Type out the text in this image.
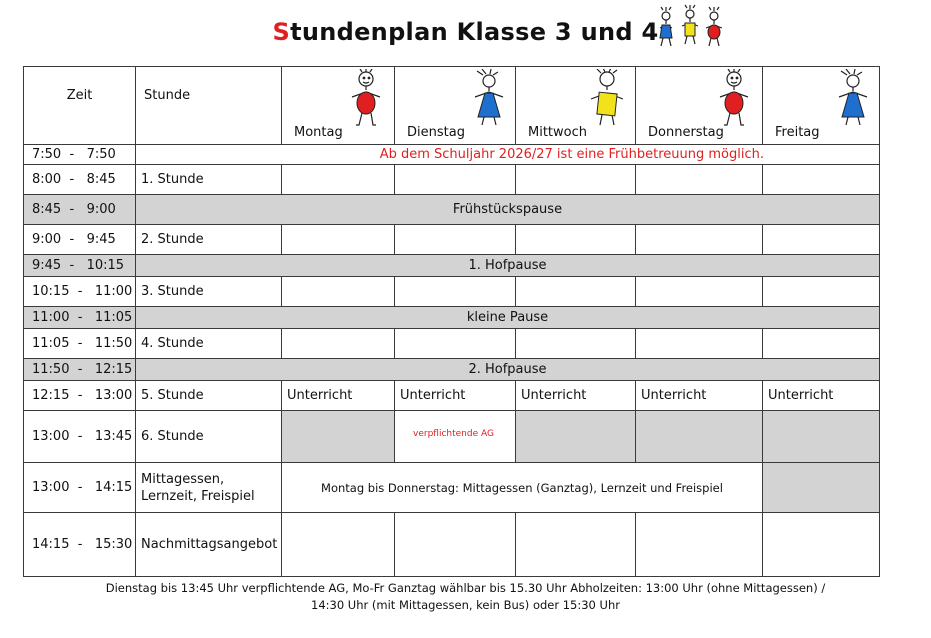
Stundenplan Klasse 3 und 4
Zeit	Stunde	Montag	Dienstag	Mittwoch	Donnerstag	Freitag

7:50 - 7:50	Ab dem Schuljahr 2026/27 ist eine Frühbetreuung möglich.					
8:00 - 8:45	1. Stunde					
8:45 - 9:00	Frühstückspause					
9:00 - 9:45	2. Stunde					
9:45 - 10:15	1. Hofpause					
10:15 - 11:00	3. Stunde					
11:00 - 11:05	kleine Pause					
11:05 - 11:50	4. Stunde					
11:50 - 12:15	2. Hofpause					
12:15 - 13:00	5. Stunde	Unterricht	Unterricht	Unterricht	Unterricht	Unterricht
13:00 - 13:45	6. Stunde		verpflichtende AG			
13:00 - 14:15	Mittagessen, Lernzeit, Freispiel	Montag bis Donnerstag: Mittagessen (Ganztag), Lernzeit und Freispiel				
14:15 - 15:30	Nachmittagsangebot					
Dienstag bis 13:45 Uhr verpflichtende AG, Mo-Fr Ganztag wählbar bis 15.30 Uhr Abholzeiten: 13:00 Uhr (ohne Mittagessen) /
14:30 Uhr (mit Mittagessen, kein Bus) oder 15:30 Uhr
